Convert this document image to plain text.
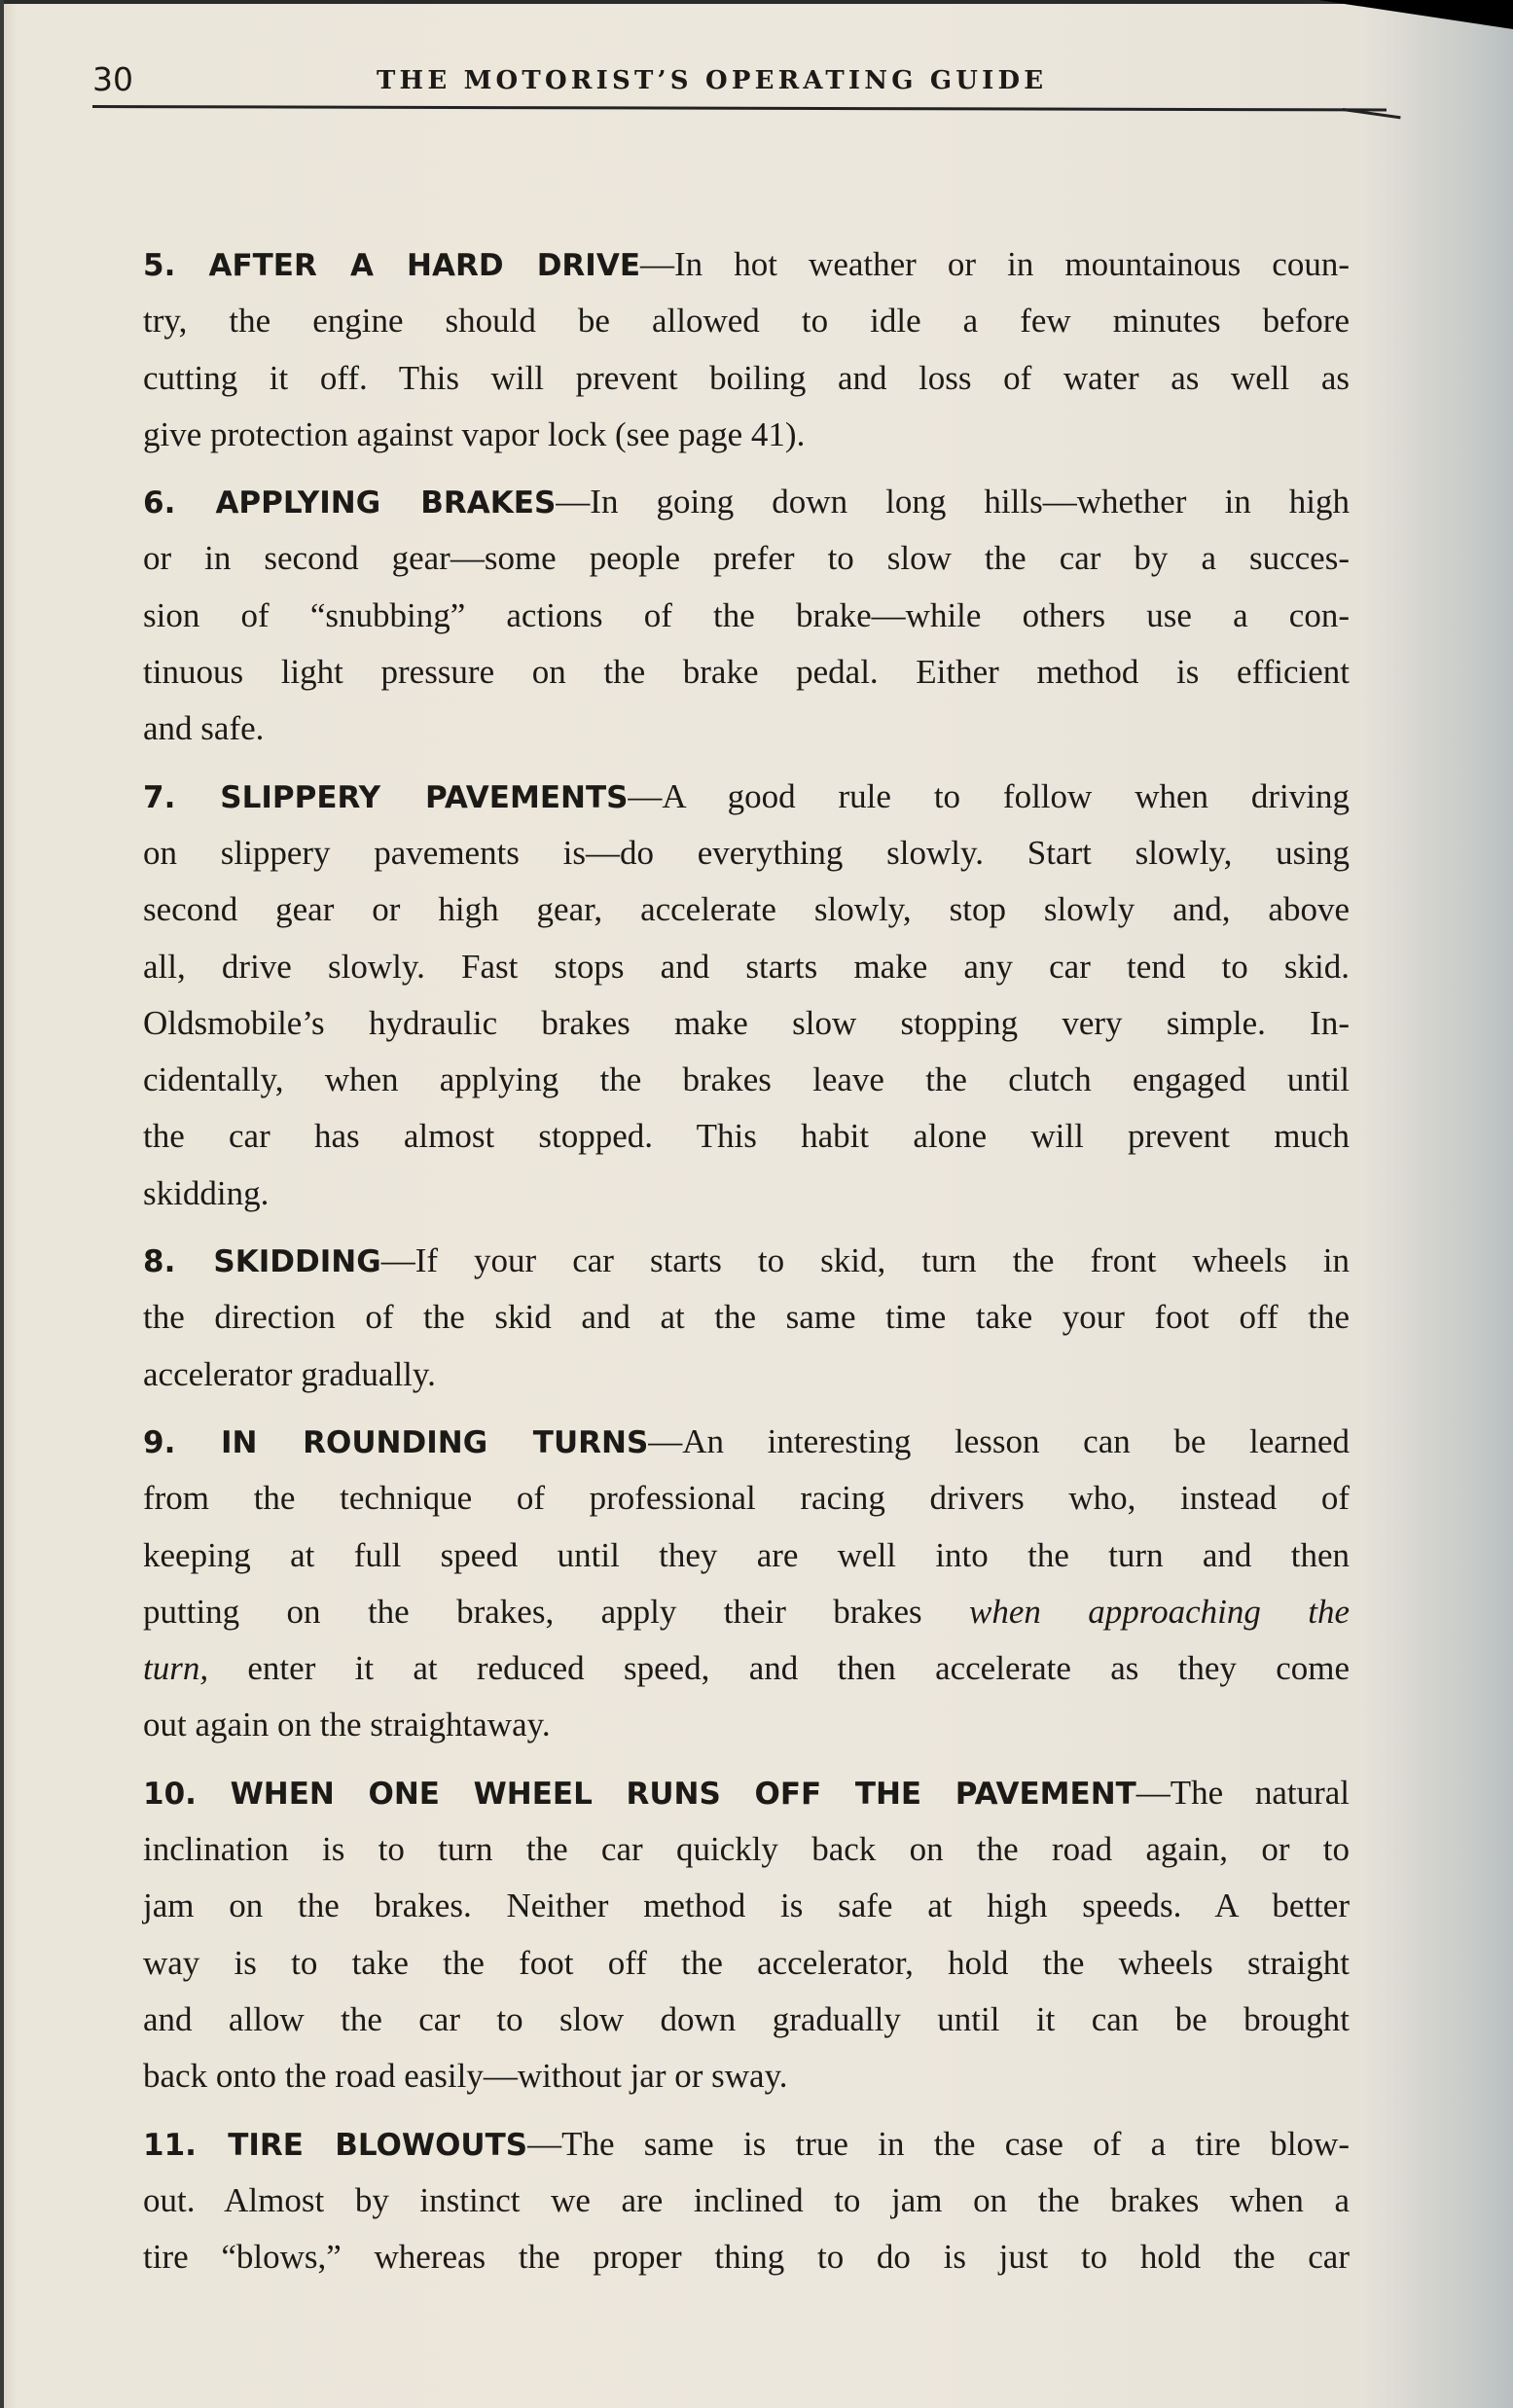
30	THE MOTORIST’S OPERATING GUIDE
5. AFTER A HARD DRIVE—In hot weather or in mountainous coun-
try, the engine should be allowed to idle a few minutes before
cutting it off. This will prevent boiling and loss of water as well as
give protection against vapor lock (see page 41).
6. APPLYING BRAKES—In going down long hills—whether in high
or in second gear—some people prefer to slow the car by a succes-
sion of “snubbing” actions of the brake—while others use a con-
tinuous light pressure on the brake pedal. Either method is efficient
and safe.
7. SLIPPERY PAVEMENTS—A good rule to follow when driving
on slippery pavements is—do everything slowly. Start slowly, using
second gear or high gear, accelerate slowly, stop slowly and, above
all, drive slowly. Fast stops and starts make any car tend to skid.
Oldsmobile’s hydraulic brakes make slow stopping very simple. In-
cidentally, when applying the brakes leave the clutch engaged until
the car has almost stopped. This habit alone will prevent much
skidding.
8. SKIDDING—If your car starts to skid, turn the front wheels in
the direction of the skid and at the same time take your foot off the
accelerator gradually.
9. IN ROUNDING TURNS—An interesting lesson can be learned
from the technique of professional racing drivers who, instead of
keeping at full speed until they are well into the turn and then
putting on the brakes, apply their brakes when approaching the
turn, enter it at reduced speed, and then accelerate as they come
out again on the straightaway.
10. WHEN ONE WHEEL RUNS OFF THE PAVEMENT—The natural
inclination is to turn the car quickly back on the road again, or to
jam on the brakes. Neither method is safe at high speeds. A better
way is to take the foot off the accelerator, hold the wheels straight
and allow the car to slow down gradually until it can be brought
back onto the road easily—without jar or sway.
11. TIRE BLOWOUTS—The same is true in the case of a tire blow-
out. Almost by instinct we are inclined to jam on the brakes when a
tire “blows,” whereas the proper thing to do is just to hold the car
